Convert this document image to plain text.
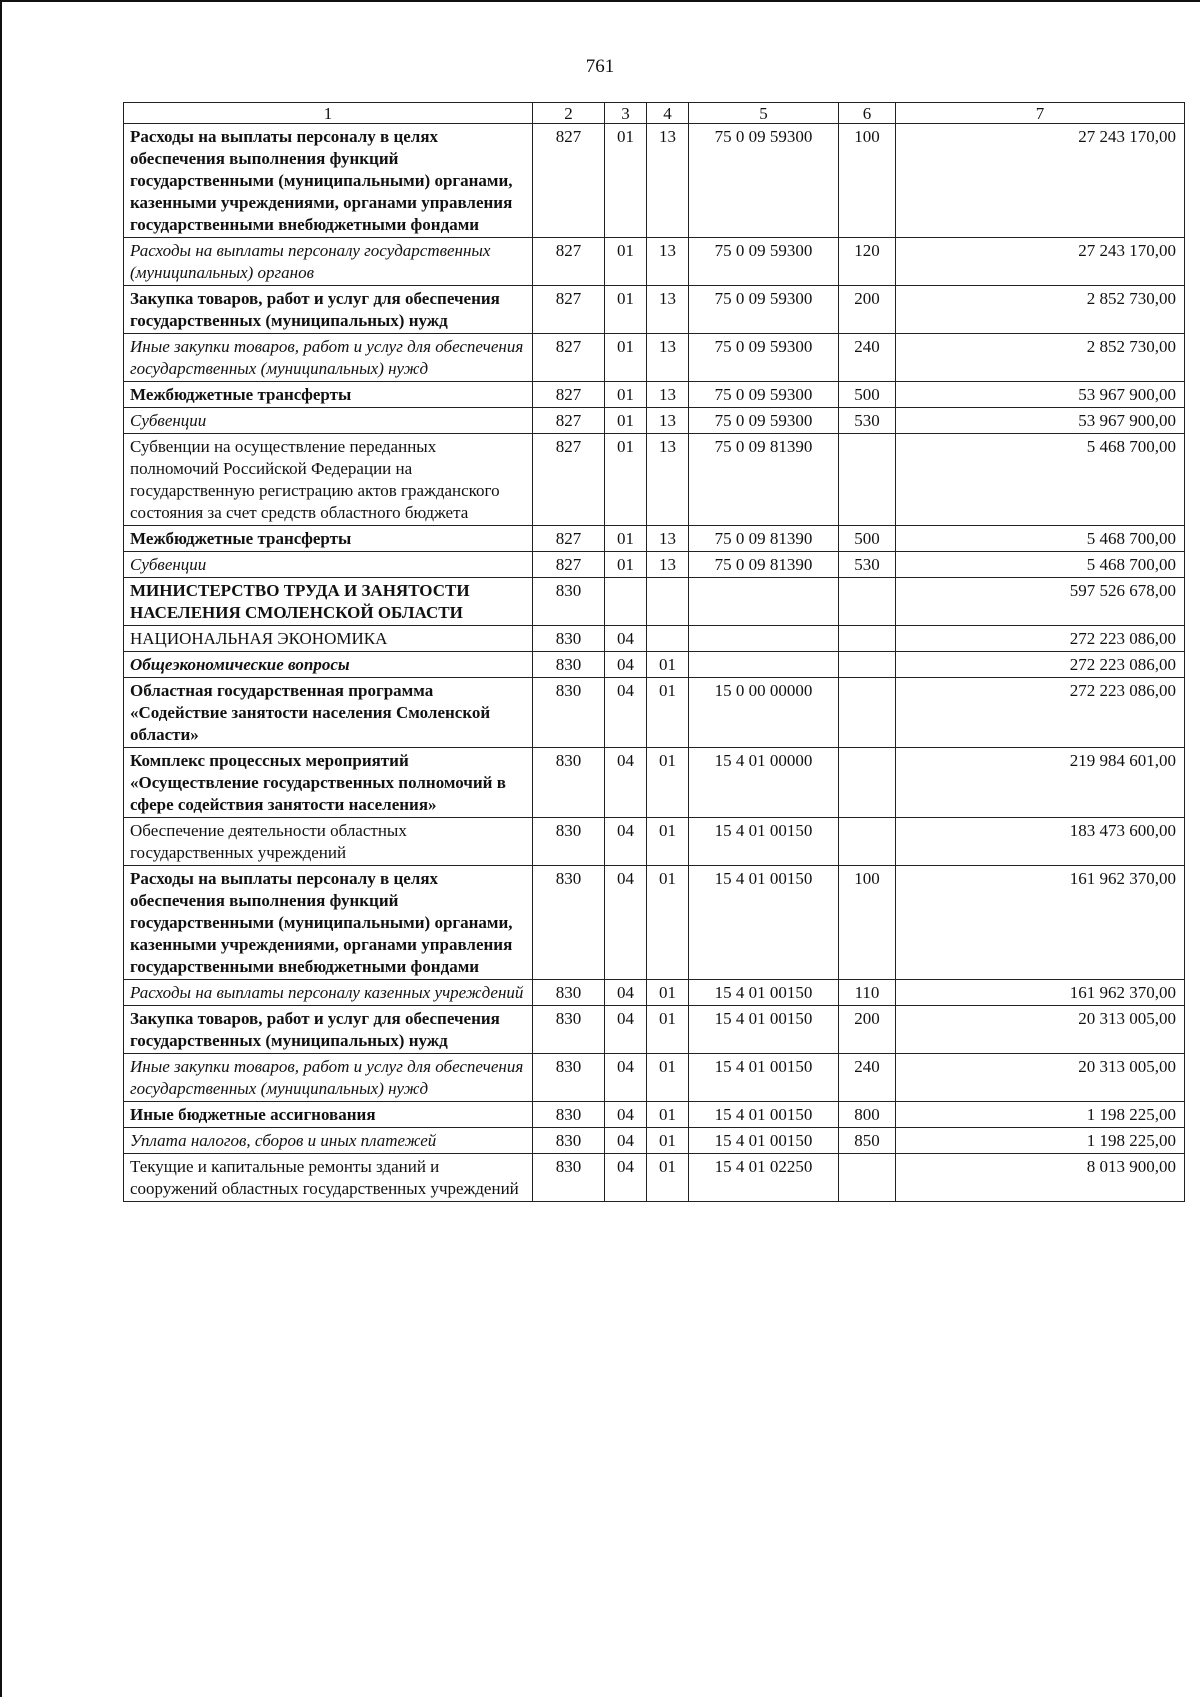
761
1	2	3	4	5	6	7
Расходы на выплаты персоналу в целях обеспечения выполнения функций государственными (муниципальными) органами, казенными учреждениями, органами управления государственными внебюджетными фондами	827	01	13	75 0 09 59300	100	27 243 170,00
Расходы на выплаты персоналу государственных (муниципальных) органов	827	01	13	75 0 09 59300	120	27 243 170,00
Закупка товаров, работ и услуг для обеспечения государственных (муниципальных) нужд	827	01	13	75 0 09 59300	200	2 852 730,00
Иные закупки товаров, работ и услуг для обеспечения государственных (муниципальных) нужд	827	01	13	75 0 09 59300	240	2 852 730,00
Межбюджетные трансферты	827	01	13	75 0 09 59300	500	53 967 900,00
Субвенции	827	01	13	75 0 09 59300	530	53 967 900,00
Субвенции на осуществление переданных полномочий Российской Федерации на государственную регистрацию актов гражданского состояния за счет средств областного бюджета	827	01	13	75 0 09 81390		5 468 700,00
Межбюджетные трансферты	827	01	13	75 0 09 81390	500	5 468 700,00
Субвенции	827	01	13	75 0 09 81390	530	5 468 700,00
МИНИСТЕРСТВО ТРУДА И ЗАНЯТОСТИ НАСЕЛЕНИЯ СМОЛЕНСКОЙ ОБЛАСТИ	830					597 526 678,00
НАЦИОНАЛЬНАЯ ЭКОНОМИКА	830	04				272 223 086,00
Общеэкономические вопросы	830	04	01			272 223 086,00
Областная государственная программа «Содействие занятости населения Смоленской области»	830	04	01	15 0 00 00000		272 223 086,00
Комплекс процессных мероприятий «Осуществление государственных полномочий в сфере содействия занятости населения»	830	04	01	15 4 01 00000		219 984 601,00
Обеспечение деятельности областных государственных учреждений	830	04	01	15 4 01 00150		183 473 600,00
Расходы на выплаты персоналу в целях обеспечения выполнения функций государственными (муниципальными) органами, казенными учреждениями, органами управления государственными внебюджетными фондами	830	04	01	15 4 01 00150	100	161 962 370,00
Расходы на выплаты персоналу казенных учреждений	830	04	01	15 4 01 00150	110	161 962 370,00
Закупка товаров, работ и услуг для обеспечения государственных (муниципальных) нужд	830	04	01	15 4 01 00150	200	20 313 005,00
Иные закупки товаров, работ и услуг для обеспечения государственных (муниципальных) нужд	830	04	01	15 4 01 00150	240	20 313 005,00
Иные бюджетные ассигнования	830	04	01	15 4 01 00150	800	1 198 225,00
Уплата налогов, сборов и иных платежей	830	04	01	15 4 01 00150	850	1 198 225,00
Текущие и капитальные ремонты зданий и сооружений областных государственных учреждений	830	04	01	15 4 01 02250		8 013 900,00
